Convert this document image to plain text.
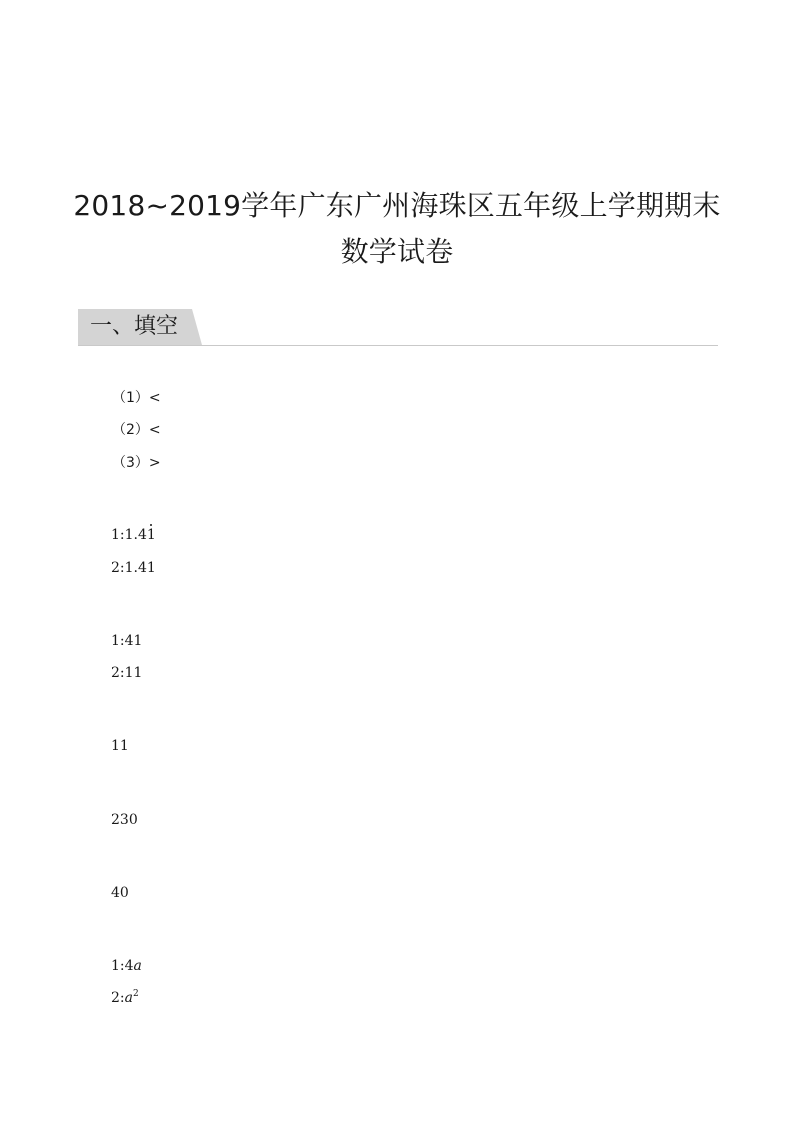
2018~2019学年广东广州海珠区五年级上学期期末
数学试卷
一、填空
（1）<
（2）<
（3）>
1:1.41
2:1.41
1:41
2:11
11
230
40
1:4a
$2:a^2$
